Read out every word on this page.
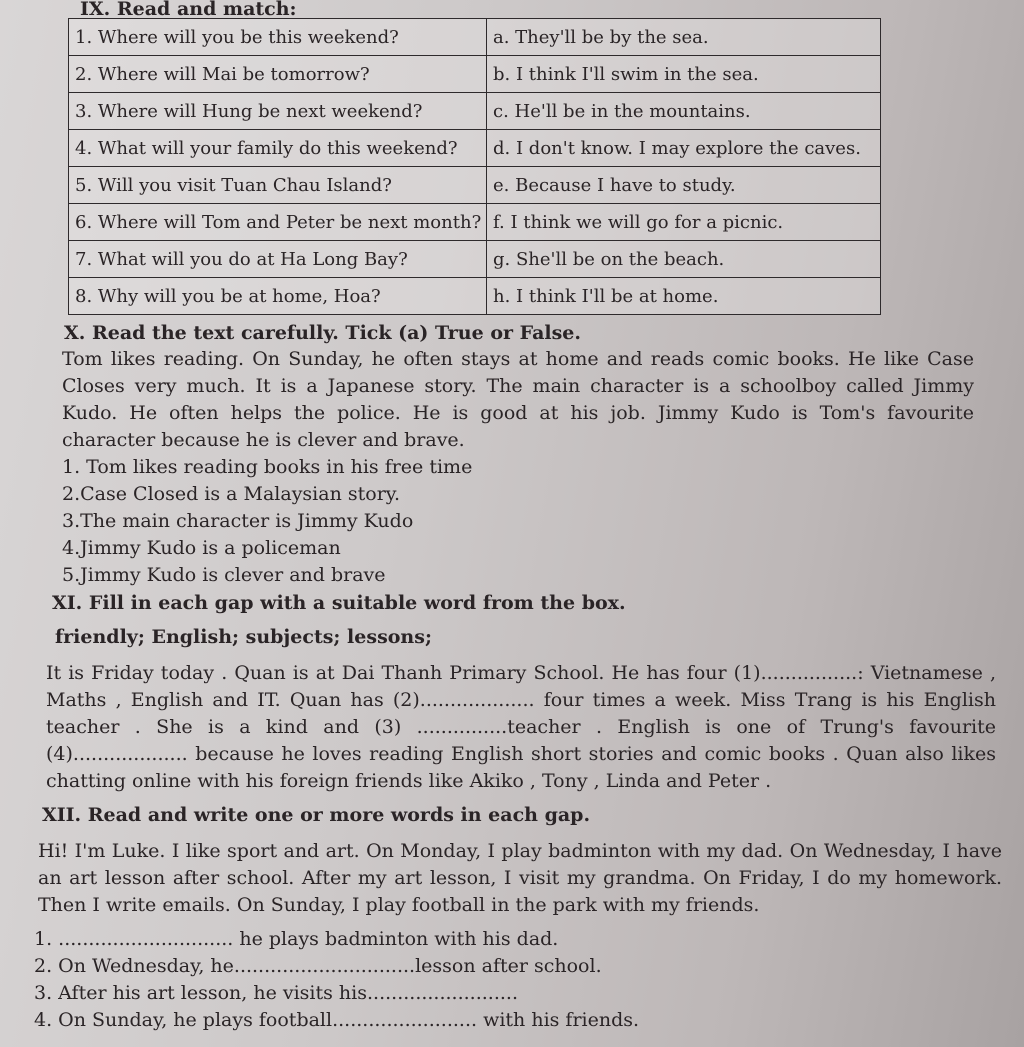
IX. Read and match:
1. Where will you be this weekend?	a. They'll be by the sea.
2. Where will Mai be tomorrow?	b. I think I'll swim in the sea.
3. Where will Hung be next weekend?	c. He'll be in the mountains.
4. What will your family do this weekend?	d. I don't know. I may explore the caves.
5. Will you visit Tuan Chau Island?	e. Because I have to study.
6. Where will Tom and Peter be next month?	f. I think we will go for a picnic.
7. What will you do at Ha Long Bay?	g. She'll be on the beach.
8. Why will you be at home, Hoa?	h. I think I'll be at home.
X. Read the text carefully. Tick (a) True or False.
Tom likes reading. On Sunday, he often stays at home and reads comic books. He like Case Closes very much. It is a Japanese story. The main character is a schoolboy called Jimmy Kudo. He often helps the police. He is good at his job. Jimmy Kudo is Tom's favourite character because he is clever and brave.
1. Tom likes reading books in his free time
2.Case Closed is a Malaysian story.
3.The main character is Jimmy Kudo
4.Jimmy Kudo is a policeman
5.Jimmy Kudo is clever and brave
XI. Fill in each gap with a suitable word from the box.
friendly; English; subjects; lessons;
It is Friday today . Quan is at Dai Thanh Primary School. He has four (1)................: Vietnamese , Maths , English and IT. Quan has (2)................... four times a week. Miss Trang is his English teacher . She is a kind and (3) ...............teacher . English is one of Trung's favourite (4)................... because he loves reading English short stories and comic books . Quan also likes chatting online with his foreign friends like Akiko , Tony , Linda and Peter .
XII. Read and write one or more words in each gap.
Hi! I'm Luke. I like sport and art. On Monday, I play badminton with my dad. On Wednesday, I have an art lesson after school. After my art lesson, I visit my grandma. On Friday, I do my homework. Then I write emails. On Sunday, I play football in the park with my friends.
1. ............................. he plays badminton with his dad.
2. On Wednesday, he..............................lesson after school.
3. After his art lesson, he visits his.........................
4. On Sunday, he plays football........................ with his friends.
